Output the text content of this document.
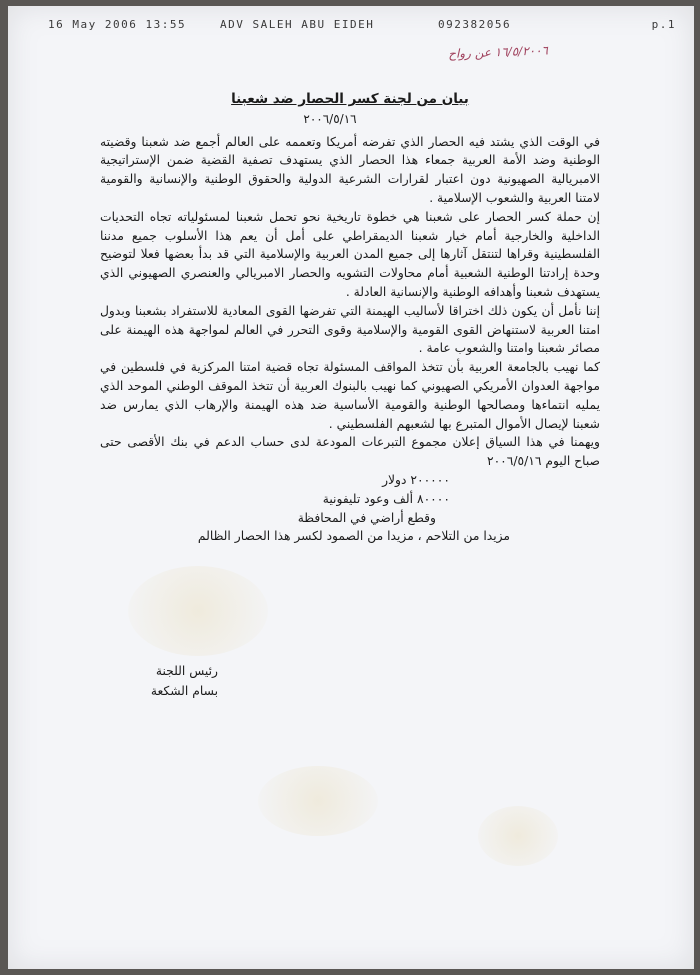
16 May 2006 13:55	ADV SALEH ABU EIDEH	092382056	p.1
١٦/٥/٢٠٠٦ عن رواح

بيان من لجنة كسر الحصار ضد شعبنا

٢٠٠٦/٥/١٦

في الوقت الذي يشتد فيه الحصار الذي تفرضه أمريكا وتعممه على العالم أجمع ضد شعبنا وقضيته الوطنية وضد الأمة العربية جمعاء هذا الحصار الذي يستهدف تصفية القضية ضمن الإستراتيجية الامبريالية الصهيونية دون اعتبار لقرارات الشرعية الدولية والحقوق الوطنية والإنسانية والقومية لامتنا العربية والشعوب الإسلامية .

إن حملة كسر الحصار على شعبنا هي خطوة تاريخية نحو تحمل شعبنا لمسئولياته تجاه التحديات الداخلية والخارجية أمام خيار شعبنا الديمقراطي على أمل أن يعم هذا الأسلوب جميع مدننا الفلسطينية وقراها لتنتقل آثارها إلى جميع المدن العربية والإسلامية التي قد بدأ بعضها فعلا لتوضيح وحدة إرادتنا الوطنية الشعبية أمام محاولات التشويه والحصار الامبريالي والعنصري الصهيوني الذي يستهدف شعبنا وأهدافه الوطنية والإنسانية العادلة .

إننا نأمل أن يكون ذلك اختراقا لأساليب الهيمنة التي تفرضها القوى المعادية للاستفراد بشعبنا وبدول امتنا العربية لاستنهاض القوى القومية والإسلامية وقوى التحرر في العالم لمواجهة هذه الهيمنة على مصائر شعبنا وامتنا والشعوب عامة .

كما نهيب بالجامعة العربية بأن تتخذ المواقف المسئولة تجاه قضية امتنا المركزية في فلسطين في مواجهة العدوان الأمريكي الصهيوني كما نهيب بالبنوك العربية أن تتخذ الموقف الوطني الموحد الذي يمليه انتماءها ومصالحها الوطنية والقومية الأساسية ضد هذه الهيمنة والإرهاب الذي يمارس ضد شعبنا لإيصال الأموال المتبرع بها لشعبهم الفلسطيني .

ويهمنا في هذا السياق إعلان مجموع التبرعات المودعة لدى حساب الدعم في بنك الأقصى حتى صباح اليوم ٢٠٠٦/٥/١٦

٢٠٠٠٠٠ دولار
٨٠٠٠٠ ألف وعود تليفونية
وقطع أراضي في المحافظة
مزيدا من التلاحم ، مزيدا من الصمود لكسر هذا الحصار الظالم
رئيس اللجنة
بسام الشكعة
